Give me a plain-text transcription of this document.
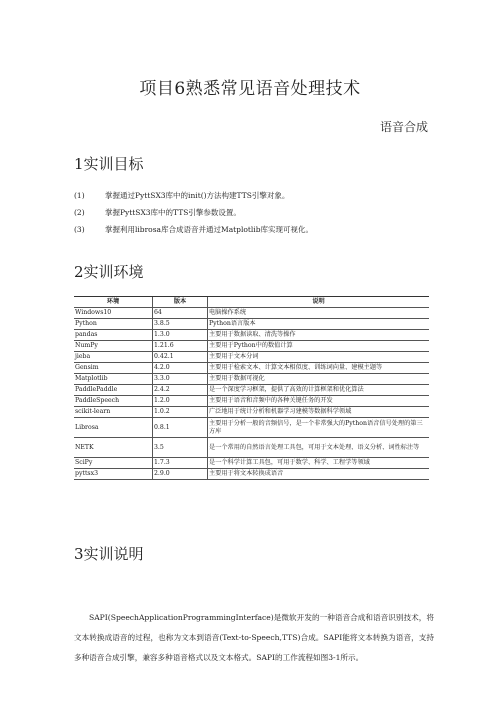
项目6熟悉常见语音处理技术
语音合成
1实训目标
(1)	掌握通过PyttSX3库中的init()方法构建TTS引擎对象。
(2)	掌握PyttSX3库中的TTS引擎参数设置。
(3)	掌握利用librosa库合成语音并通过Matplotlib库实现可视化。
2实训环境
环境	版本	说明
Windows10	64	电脑操作系统
Python	3.8.5	Python语言版本
pandas	1.3.0	主要用于数据读取、清洗等操作
NumPy	1.21.6	主要用于Python中的数值计算
jieba	0.42.1	主要用于文本分词
Gensim	4.2.0	主要用于检索文本、计算文本相似度、训练词向量、建模主题等
Matplotlib	3.3.0	主要用于数据可视化
PaddlePaddle	2.4.2	是一个深度学习框架，提供了高效的计算框架和优化算法
PaddleSpeech	1.2.0	主要用于语音和音频中的各种关键任务的开发
scikit-learn	1.0.2	广泛地用于统计分析和机器学习建模等数据科学领域
Librosa	0.8.1	主要用于分析一般的音频信号，是一个非常强大的Python语音信号处理的第三方库
NETK	3.5	是一个常用的自然语言处理工具包，可用于文本处理、语义分析、词性标注等
SciPy	1.7.3	是一个科学计算工具包，可用于数学、科学、工程学等领域
pyttsx3	2.9.0	主要用于将文本转换成语音
3实训说明

SAPI(SpeechApplicationProgrammingInterface)是微软开发的一种语音合成和语音识别技术，将文本转换成语音的过程，也称为文本到语音(Text-to-Speech,TTS)合成。SAPI能将文本转换为语音，支持多种语音合成引擎，兼容多种语音格式以及文本格式。SAPI的工作流程如图3-1所示。
